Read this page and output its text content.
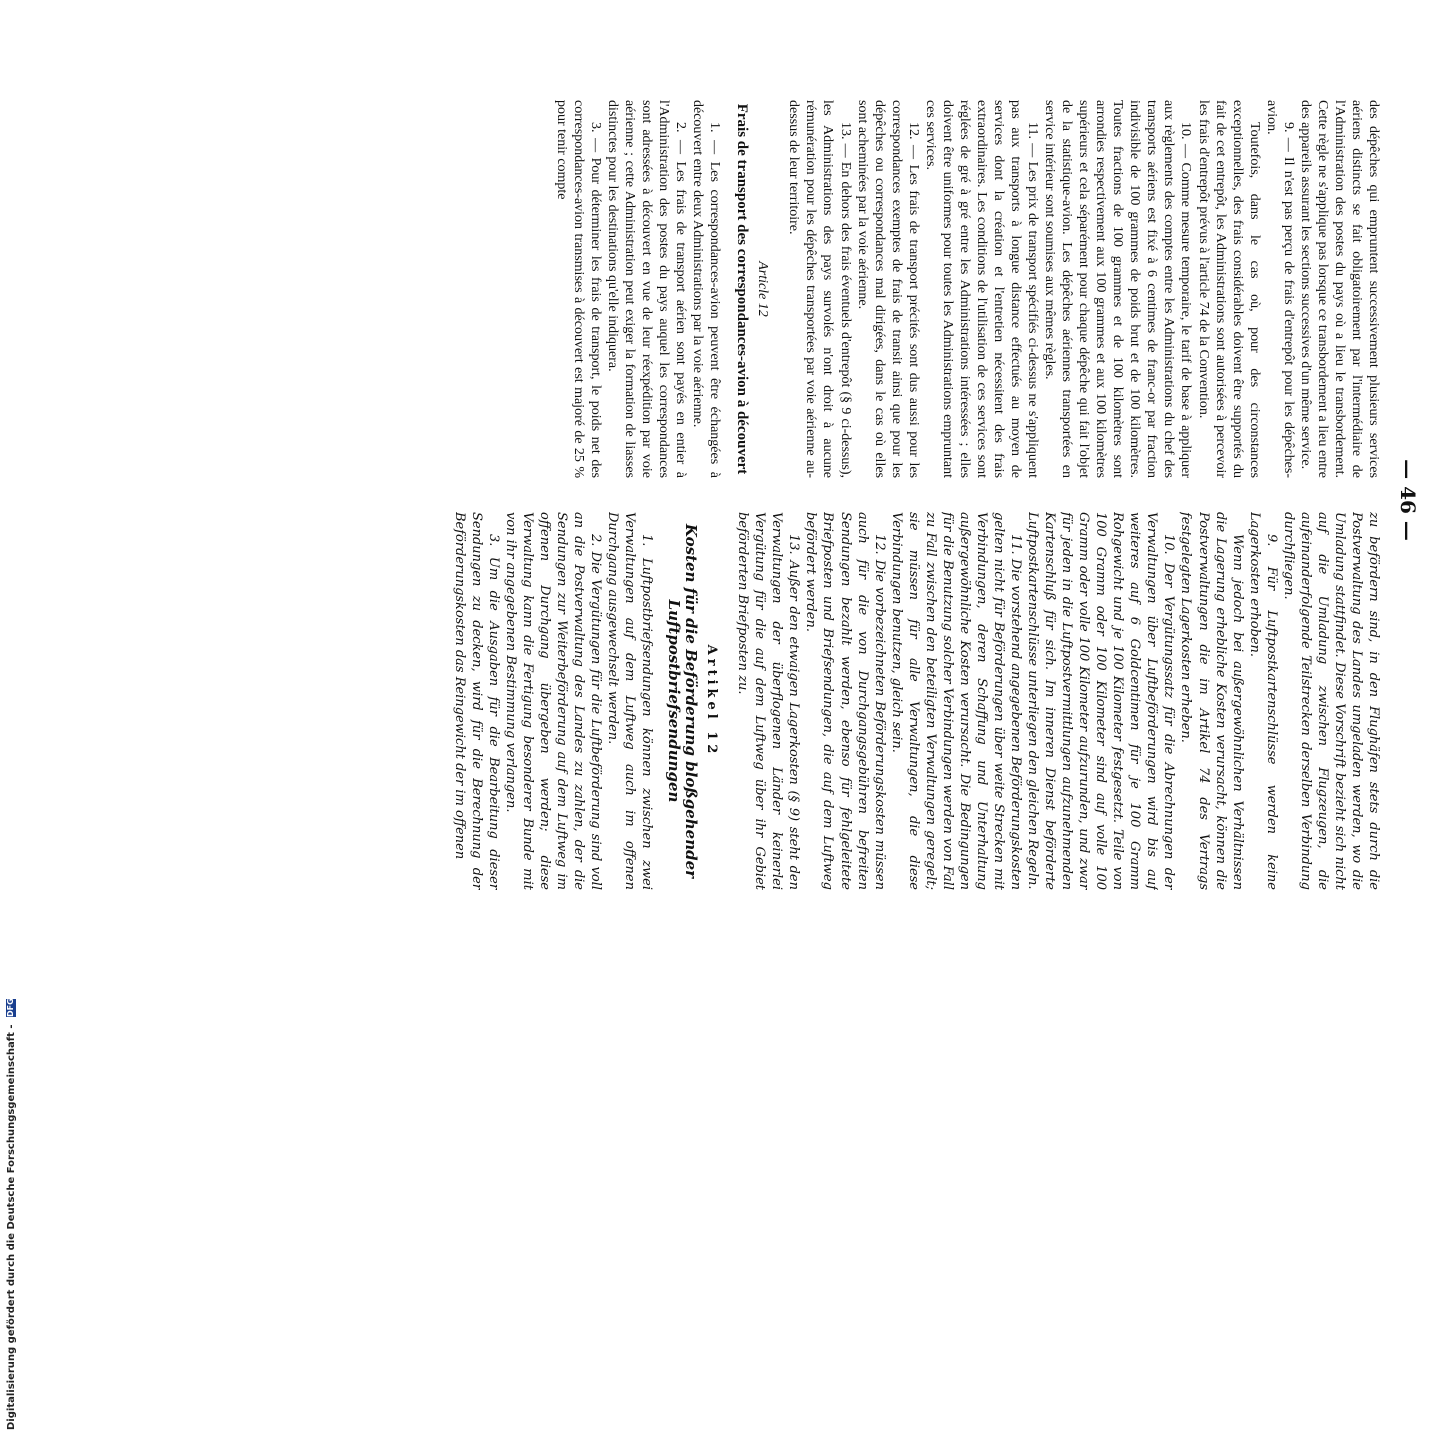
— 46 —

des dépêches qui empruntent successivement plusieurs services aériens distincts se fait obligatoirement par l'intermédiaire de l'Administration des postes du pays où a lieu le transbordement. Cette règle ne s'applique pas lorsque ce transbordement a lieu entre des appareils assurant les sections successives d'un même service.

9. — Il n'est pas perçu de frais d'entrepôt pour les dépêches-avion.

Toutefois, dans le cas où, pour des circonstances exceptionnelles, des frais considérables doivent être supportés du fait de cet entrepôt, les Administrations sont autorisées à percevoir les frais d'entrepôt prévus à l'article 74 de la Convention.

10. — Comme mesure temporaire, le tarif de base à appliquer aux règlements des comptes entre les Administrations du chef des transports aériens est fixé à 6 centimes de franc-or par fraction indivisible de 100 grammes de poids brut et de 100 kilomètres. Toutes fractions de 100 grammes et de 100 kilomètres sont arrondies respectivement aux 100 grammes et aux 100 kilomètres supérieurs et cela séparément pour chaque dépêche qui fait l'objet de la statistique-avion. Les dépêches aériennes transportées en service intérieur sont soumises aux mêmes règles.

11. — Les prix de transport spécifiés ci-dessus ne s'appliquent pas aux transports à longue distance effectués au moyen de services dont la création et l'entretien nécessitent des frais extraordinaires. Les conditions de l'utilisation de ces services sont réglées de gré à gré entre les Administrations intéressées ; elles doivent être uniformes pour toutes les Administrations empruntant ces services.

12. — Les frais de transport précités sont dus aussi pour les correspondances exemptes de frais de transit ainsi que pour les dépêches ou correspondances mal dirigées, dans le cas où elles sont acheminées par la voie aérienne.

13. — En dehors des frais éventuels d'entrepôt (§ 9 ci-dessus), les Administrations des pays survolés n'ont droit à aucune rémunération pour les dépêches transportées par voie aérienne au-dessus de leur territoire.

Article 12

Frais de transport des correspondances-avion à découvert

1. — Les correspondances-avion peuvent être échangées à découvert entre deux Administrations par la voie aérienne.

2. — Les frais de transport aérien sont payés en entier à l'Administration des postes du pays auquel les correspondances sont adressées à découvert en vue de leur réexpédition par voie aérienne ; cette Administration peut exiger la formation de liasses distinctes pour les destinations qu'elle indiquera.

3. — Pour déterminer les frais de transport, le poids net des correspondances-avion transmises à découvert est majoré de 25 % pour tenir compte

zu befördern sind, in den Flughäfen stets durch die Postverwaltung des Landes umgeladen werden, wo die Umladung stattfindet. Diese Vorschrift bezieht sich nicht auf die Umladung zwischen Flugzeugen, die aufeinanderfolgende Teilstrecken derselben Verbindung durchfliegen.

9. Für Luftpostkartenschlüsse werden keine Lagerkosten erhoben.

Wenn jedoch bei außergewöhnlichen Verhältnissen die Lagerung erhebliche Kosten verursacht, können die Postverwaltungen die im Artikel 74 des Vertrags festgelegten Lagerkosten erheben.

10. Der Vergütungssatz für die Abrechnungen der Verwaltungen über Luftbeförderungen wird bis auf weiteres auf 6 Goldcentimen für je 100 Gramm Rohgewicht und je 100 Kilometer festgesetzt. Teile von 100 Gramm oder 100 Kilometer sind auf volle 100 Gramm oder volle 100 Kilometer aufzurunden, und zwar für jeden in die Luftpostvermittlungen aufzunehmenden Kartenschluß für sich. Im inneren Dienst beförderte Luftpostkartenschlüsse unterliegen den gleichen Regeln.

11. Die vorstehend angegebenen Beförderungskosten gelten nicht für Beförderungen über weite Strecken mit Verbindungen, deren Schaffung und Unterhaltung außergewöhnliche Kosten verursacht. Die Bedingungen für die Benutzung solcher Verbindungen werden von Fall zu Fall zwischen den beteiligten Verwaltungen geregelt; sie müssen für alle Verwaltungen, die diese Verbindungen benutzen, gleich sein.

12. Die vorbezeichneten Beförderungskosten müssen auch für die von Durchgangsgebühren befreiten Sendungen bezahlt werden, ebenso für fehlgeleitete Briefposten und Briefsendungen, die auf dem Luftweg befördert werden.

13. Außer den etwaigen Lagerkosten (§ 9) steht den Verwaltungen der überflogenen Länder keinerlei Vergütung für die auf dem Luftweg über ihr Gebiet beförderten Briefposten zu.

Artikel 12

Kosten für die Beförderung bloßgehender Luftpostbriefsendungen

1. Luftpostbriefsendungen können zwischen zwei Verwaltungen auf dem Luftweg auch im offenen Durchgang ausgewechselt werden.

2. Die Vergütungen für die Luftbeförderung sind voll an die Postverwaltung des Landes zu zahlen, der die Sendungen zur Weiterbeförderung auf dem Luftweg im offenen Durchgang übergeben werden; diese Verwaltung kann die Fertigung besonderer Bunde mit von ihr angegebenen Bestimmung verlangen.

3. Um die Ausgaben für die Bearbeitung dieser Sendungen zu decken, wird für die Berechnung der Beförderungskosten das Reingewicht der im offenen

Digitalisierung gefördert durch die Deutsche Forschungsgemeinschaft - DFG
